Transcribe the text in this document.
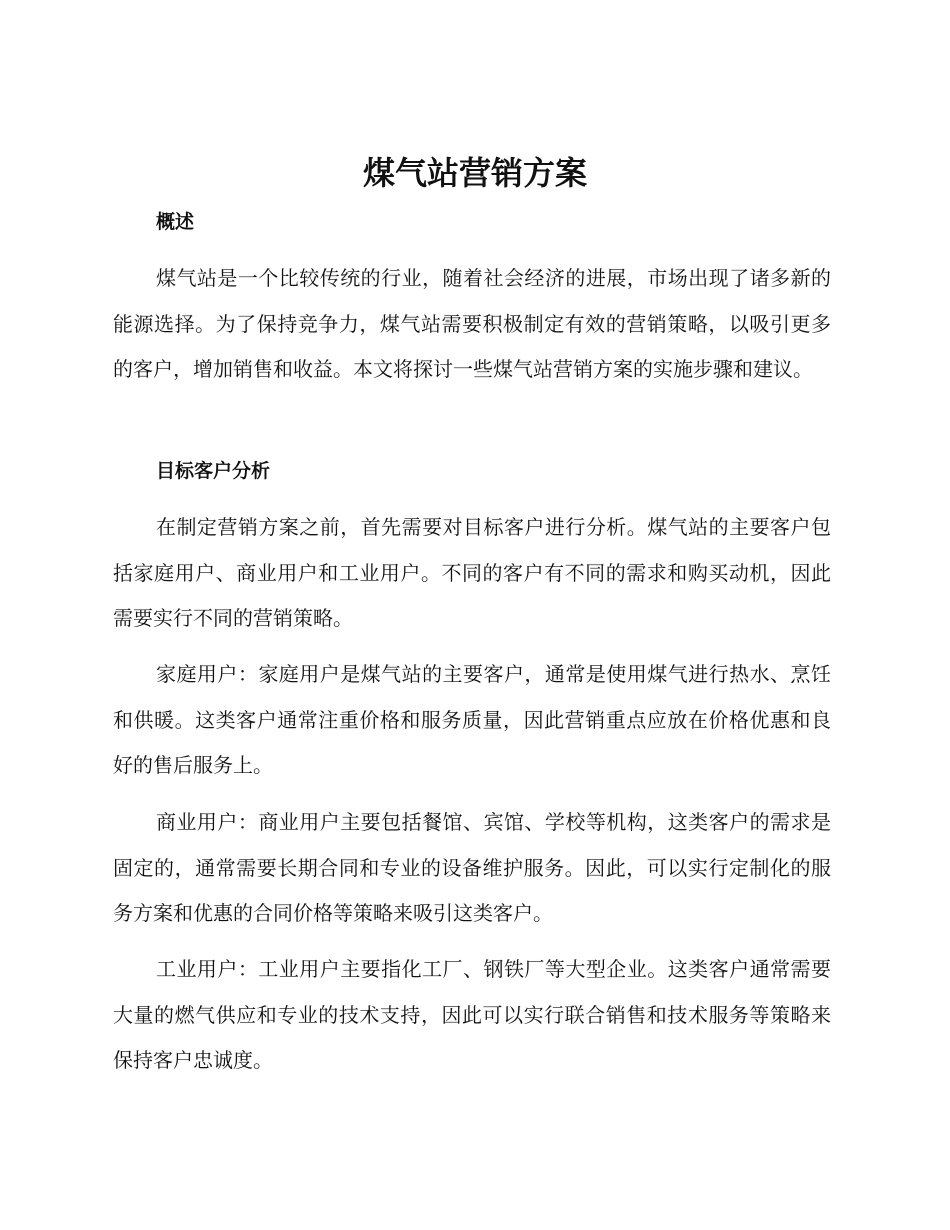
煤气站营销方案
概述

煤气站是一个比较传统的行业，随着社会经济的进展，市场出现了诸多新的能源选择。为了保持竞争力，煤气站需要积极制定有效的营销策略，以吸引更多的客户，增加销售和收益。本文将探讨一些煤气站营销方案的实施步骤和建议。

目标客户分析

在制定营销方案之前，首先需要对目标客户进行分析。煤气站的主要客户包括家庭用户、商业用户和工业用户。不同的客户有不同的需求和购买动机，因此需要实行不同的营销策略。

家庭用户：家庭用户是煤气站的主要客户，通常是使用煤气进行热水、烹饪和供暖。这类客户通常注重价格和服务质量，因此营销重点应放在价格优惠和良好的售后服务上。

商业用户：商业用户主要包括餐馆、宾馆、学校等机构，这类客户的需求是固定的，通常需要长期合同和专业的设备维护服务。因此，可以实行定制化的服务方案和优惠的合同价格等策略来吸引这类客户。

工业用户：工业用户主要指化工厂、钢铁厂等大型企业。这类客户通常需要大量的燃气供应和专业的技术支持，因此可以实行联合销售和技术服务等策略来保持客户忠诚度。
